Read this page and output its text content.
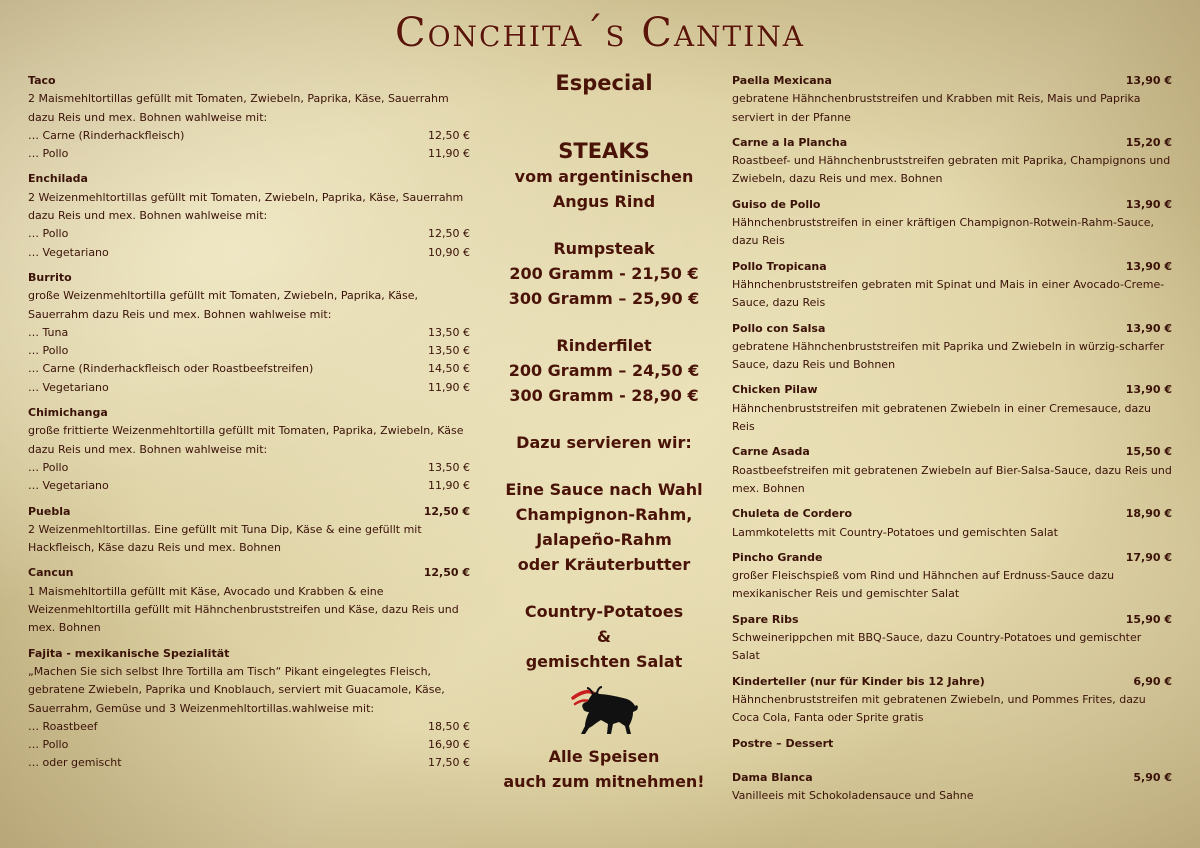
Conchita´s Cantina
Taco
2 Maismehltortillas gefüllt mit Tomaten, Zwiebeln, Paprika, Käse, Sauerrahm dazu Reis und mex. Bohnen wahlweise mit:
… Carne (Rinderhackfleisch)	12,50 €
… Pollo	11,90 €
Enchilada
2 Weizenmehltortillas gefüllt mit Tomaten, Zwiebeln, Paprika, Käse, Sauerrahm dazu Reis und mex. Bohnen wahlweise mit:
… Pollo	12,50 €
… Vegetariano	10,90 €
Burrito
große Weizenmehltortilla gefüllt mit Tomaten, Zwiebeln, Paprika, Käse, Sauerrahm dazu Reis und mex. Bohnen wahlweise mit:
… Tuna	13,50 €
… Pollo	13,50 €
… Carne (Rinderhackfleisch oder Roastbeefstreifen)	14,50 €
… Vegetariano	11,90 €
Chimichanga
große frittierte Weizenmehltortilla gefüllt mit Tomaten, Paprika, Zwiebeln, Käse dazu Reis und mex. Bohnen wahlweise mit:
… Pollo	13,50 €
… Vegetariano	11,90 €
Puebla	12,50 €
2 Weizenmehltortillas. Eine gefüllt mit Tuna Dip, Käse & eine gefüllt mit Hackfleisch, Käse dazu Reis und mex. Bohnen
Cancun	12,50 €
1 Maismehltortilla gefüllt mit Käse, Avocado und Krabben & eine Weizenmehltortilla gefüllt mit Hähnchenbruststreifen und Käse, dazu Reis und mex. Bohnen
Fajita - mexikanische Spezialität
„Machen Sie sich selbst Ihre Tortilla am Tisch“ Pikant eingelegtes Fleisch, gebratene Zwiebeln, Paprika und Knoblauch, serviert mit Guacamole, Käse, Sauerrahm, Gemüse und 3 Weizenmehltortillas.wahlweise mit:
… Roastbeef	18,50 €
… Pollo	16,90 €
… oder gemischt	17,50 €
Especial
STEAKS
vom argentinischen
Angus Rind
Rumpsteak
200 Gramm - 21,50 €
300 Gramm – 25,90 €
Rinderfilet
200 Gramm – 24,50 €
300 Gramm - 28,90 €
Dazu servieren wir:
Eine Sauce nach Wahl
Champignon-Rahm,
Jalapeño-Rahm
oder Kräuterbutter
Country-Potatoes
&
gemischten Salat
Alle Speisen
auch zum mitnehmen!
Paella Mexicana	13,90 €
gebratene Hähnchenbruststreifen und Krabben mit Reis, Mais und Paprika serviert in der Pfanne
Carne a la Plancha	15,20 €
Roastbeef- und Hähnchenbruststreifen gebraten mit Paprika, Champignons und Zwiebeln, dazu Reis und mex. Bohnen
Guiso de Pollo	13,90 €
Hähnchenbruststreifen in einer kräftigen Champignon-Rotwein-Rahm-Sauce, dazu Reis
Pollo Tropicana	13,90 €
Hähnchenbruststreifen gebraten mit Spinat und Mais in einer Avocado-Creme-Sauce, dazu Reis
Pollo con Salsa	13,90 €
gebratene Hähnchenbruststreifen mit Paprika und Zwiebeln in würzig-scharfer Sauce, dazu Reis und Bohnen
Chicken Pilaw	13,90 €
Hähnchenbruststreifen mit gebratenen Zwiebeln in einer Cremesauce, dazu Reis
Carne Asada	15,50 €
Roastbeefstreifen mit gebratenen Zwiebeln auf Bier-Salsa-Sauce, dazu Reis und mex. Bohnen
Chuleta de Cordero	18,90 €
Lammkoteletts mit Country-Potatoes und gemischten Salat
Pincho Grande	17,90 €
großer Fleischspieß vom Rind und Hähnchen auf Erdnuss-Sauce dazu mexikanischer Reis und gemischter Salat
Spare Ribs	15,90 €
Schweinerippchen mit BBQ-Sauce, dazu Country-Potatoes und gemischter Salat
Kinderteller (nur für Kinder bis 12 Jahre)	6,90 €
Hähnchenbruststreifen mit gebratenen Zwiebeln, und Pommes Frites, dazu Coca Cola, Fanta oder Sprite gratis
Postre – Dessert
Dama Blanca	5,90 €
Vanilleeis mit Schokoladensauce und Sahne
